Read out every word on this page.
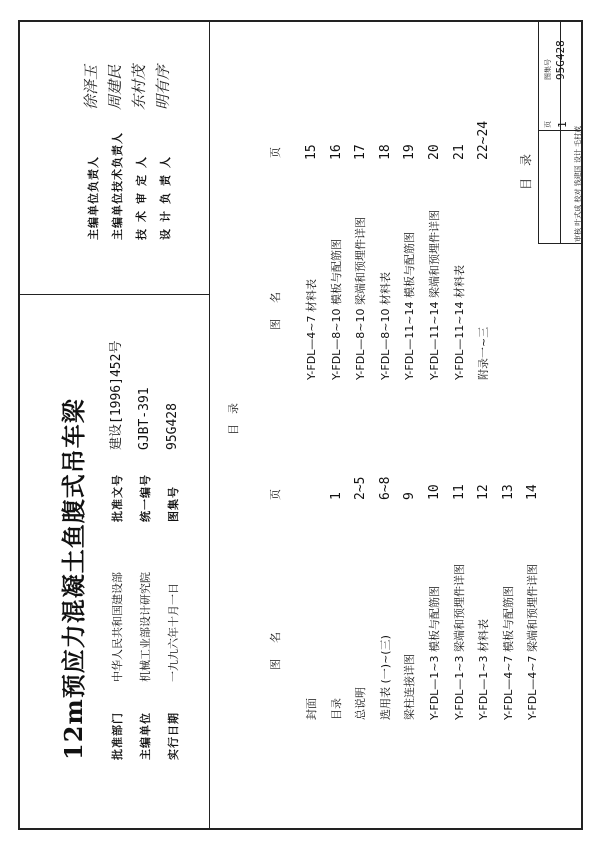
12m预应力混凝土鱼腹式吊车梁 批准部门
中华人民共和国建设部
批准文号
建设[1996]452号
主编单位
机械工业部设计研究院
统一编号
GJBT-391
实行日期
一九九六年十月一日
图集号
95G428
主编单位负责人
徐泽玉
主编单位技术负责人
周建民
技术审定人
东村茂
设计负责人
明有序
目录
图名
页
图名
页
封面 目录
1
总说明
2~5
选用表 (一)~(三)
6~8
梁柱连接详图
9
Y-FDL—1~3 模板与配筋图
10
Y-FDL—1~3 梁端和预埋件详图
11
Y-FDL—1~3 材料表
12
Y-FDL—4~7 模板与配筋图
13
Y-FDL—4~7 梁端和预埋件详图
14
Y-FDL—4~7 材料表
15
Y-FDL—8~10 模板与配筋图
16
Y-FDL—8~10 梁端和预埋件详图
17
Y-FDL—8~10 材料表
18
Y-FDL—11~14 模板与配筋图
19
Y-FDL—11~14 梁端和预埋件详图
20
Y-FDL—11~14 材料表
21
附录一~三
22~24
目录
图集号 95G428
页 1
审核 叶式成 校对 钱建国 设计 毛村茂
